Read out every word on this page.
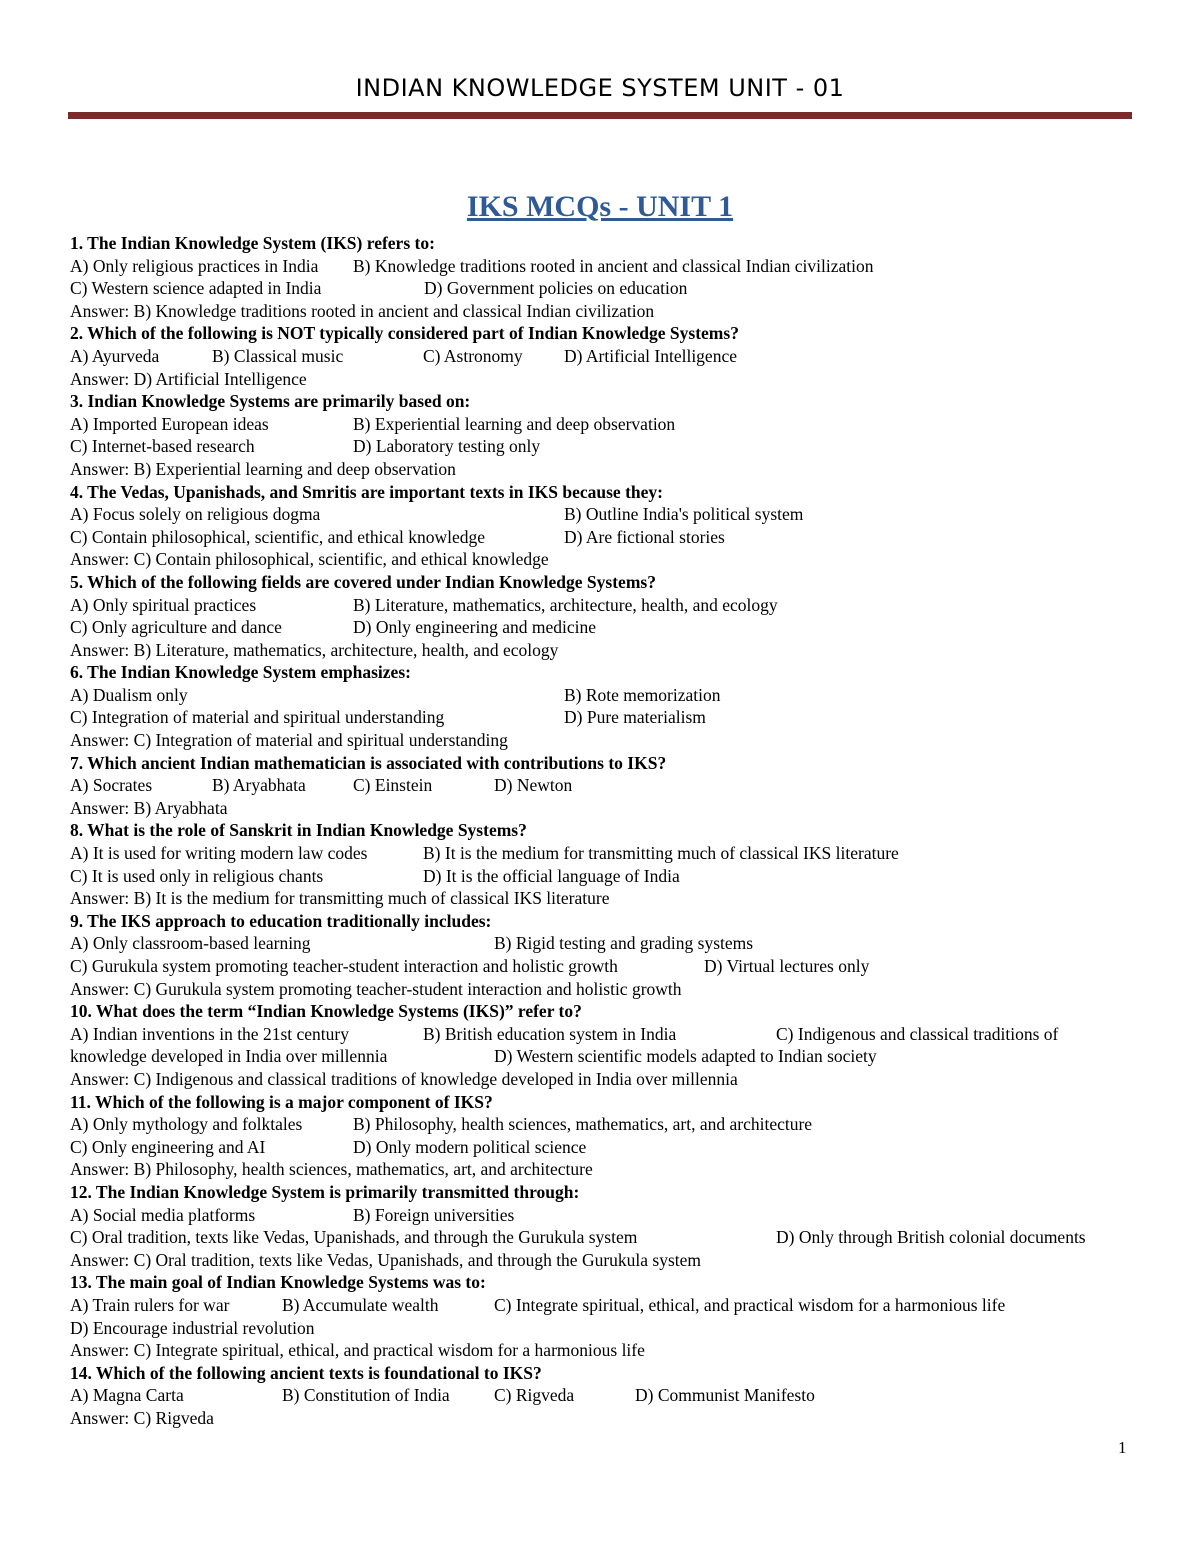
INDIAN KNOWLEDGE SYSTEM UNIT - 01
IKS MCQs - UNIT 1
1. The Indian Knowledge System (IKS) refers to:
A) Only religious practices in India B) Knowledge traditions rooted in ancient and classical Indian civilization
C) Western science adapted in India	D) Government policies on education
Answer: B) Knowledge traditions rooted in ancient and classical Indian civilization
2. Which of the following is NOT typically considered part of Indian Knowledge Systems?
A) Ayurveda	B) Classical music	C) Astronomy D) Artificial Intelligence
Answer: D) Artificial Intelligence
3. Indian Knowledge Systems are primarily based on:
A) Imported European ideas	B) Experiential learning and deep observation
C) Internet-based research	D) Laboratory testing only
Answer: B) Experiential learning and deep observation
4. The Vedas, Upanishads, and Smritis are important texts in IKS because they:
A) Focus solely on religious dogma	B) Outline India's political system
C) Contain philosophical, scientific, and ethical knowledge	D) Are fictional stories
Answer: C) Contain philosophical, scientific, and ethical knowledge
5. Which of the following fields are covered under Indian Knowledge Systems?
A) Only spiritual practices	B) Literature, mathematics, architecture, health, and ecology
C) Only agriculture and dance	D) Only engineering and medicine
Answer: B) Literature, mathematics, architecture, health, and ecology
6. The Indian Knowledge System emphasizes:
A) Dualism only	B) Rote memorization
C) Integration of material and spiritual understanding	D) Pure materialism
Answer: C) Integration of material and spiritual understanding
7. Which ancient Indian mathematician is associated with contributions to IKS?
A) Socrates	B) Aryabhata	C) Einstein	D) Newton
Answer: B) Aryabhata
8. What is the role of Sanskrit in Indian Knowledge Systems?
A) It is used for writing modern law codes	B) It is the medium for transmitting much of classical IKS literature
C) It is used only in religious chants	D) It is the official language of India
Answer: B) It is the medium for transmitting much of classical IKS literature
9. The IKS approach to education traditionally includes:
A) Only classroom-based learning	B) Rigid testing and grading systems
C) Gurukula system promoting teacher-student interaction and holistic growth	D) Virtual lectures only
Answer: C) Gurukula system promoting teacher-student interaction and holistic growth
10. What does the term “Indian Knowledge Systems (IKS)” refer to?
A) Indian inventions in the 21st century	B) British education system in India	C) Indigenous and classical traditions of
knowledge developed in India over millennia	D) Western scientific models adapted to Indian society
Answer: C) Indigenous and classical traditions of knowledge developed in India over millennia
11. Which of the following is a major component of IKS?
A) Only mythology and folktales	B) Philosophy, health sciences, mathematics, art, and architecture
C) Only engineering and AI	D) Only modern political science
Answer: B) Philosophy, health sciences, mathematics, art, and architecture
12. The Indian Knowledge System is primarily transmitted through:
A) Social media platforms	B) Foreign universities
C) Oral tradition, texts like Vedas, Upanishads, and through the Gurukula system	D) Only through British colonial documents
Answer: C) Oral tradition, texts like Vedas, Upanishads, and through the Gurukula system
13. The main goal of Indian Knowledge Systems was to:
A) Train rulers for war	B) Accumulate wealth	C) Integrate spiritual, ethical, and practical wisdom for a harmonious life
D) Encourage industrial revolution
Answer: C) Integrate spiritual, ethical, and practical wisdom for a harmonious life
14. Which of the following ancient texts is foundational to IKS?
A) Magna Carta	B) Constitution of India	C) Rigveda	D) Communist Manifesto
Answer: C) Rigveda
1
